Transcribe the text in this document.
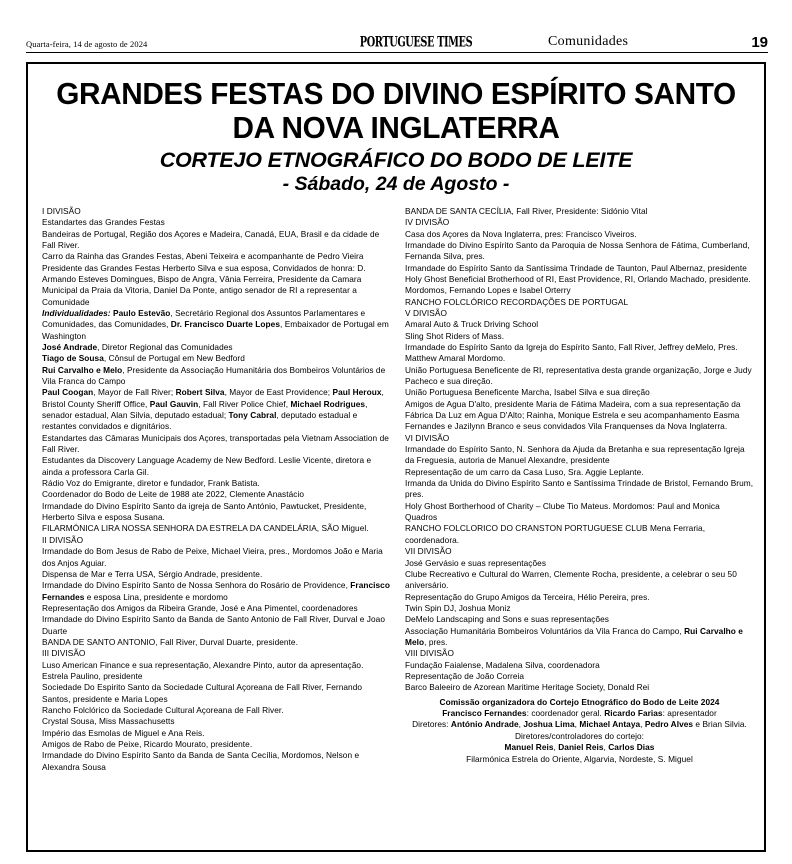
Quarta-feira, 14 de agosto de 2024	PORTUGUESE TIMES	Comunidades	19
GRANDES FESTAS DO DIVINO ESPÍRITO SANTO
DA NOVA INGLATERRA
CORTEJO ETNOGRÁFICO DO BODO DE LEITE
- Sábado, 24 de Agosto -

I DIVISÃO

Estandartes das Grandes Festas

Bandeiras de Portugal, Região dos Açores e Madeira, Canadá, EUA, Brasil e da cidade de Fall River.

Carro da Rainha das Grandes Festas, Abeni Teixeira e acompanhante de Pedro Vieira

Presidente das Grandes Festas Herberto Silva e sua esposa, Convidados de honra: D. Armando Esteves Domingues, Bispo de Angra, Vânia Ferreira, Presidente da Camara Municipal da Praia da Vitoria, Daniel Da Ponte, antigo senador de RI a representar a Comunidade

Individualidades: Paulo Estevão, Secretário Regional dos Assuntos Parlamentares e Comunidades, das Comunidades, Dr. Francisco Duarte Lopes, Embaixador de Portugal em Washington

José Andrade, Diretor Regional das Comunidades

Tiago de Sousa, Cônsul de Portugal em New Bedford

Rui Carvalho e Melo, Presidente da Associação Humanitária dos Bombeiros Voluntários de Vila Franca do Campo

Paul Coogan, Mayor de Fall River; Robert Silva, Mayor de East Providence; Paul Heroux, Bristol County Sheriff Office, Paul Gauvin, Fall River Police Chief, Michael Rodrigues, senador estadual, Alan Silvia, deputado estadual; Tony Cabral, deputado estadual e restantes convidados e dignitários.

Estandartes das Câmaras Municipais dos Açores, transportadas pela Vietnam Association de Fall River.

Estudantes da Discovery Language Academy de New Bedford. Leslie Vicente, diretora e ainda a professora Carla Gil.

Rádio Voz do Emigrante, diretor e fundador, Frank Batista.

Coordenador do Bodo de Leite de 1988 ate 2022, Clemente Anastácio

Irmandade do Divino Espírito Santo da igreja de Santo António, Pawtucket, Presidente, Herberto Silva e esposa Susana.

FILARMÓNICA LIRA NOSSA SENHORA DA ESTRELA DA CANDELÁRIA, SÃO Miguel.

II DIVISÃO

Irmandade do Bom Jesus de Rabo de Peixe, Michael Vieira, pres., Mordomos João e Maria dos Anjos Aguiar.

Dispensa de Mar e Terra USA, Sérgio Andrade, presidente.

Irmandade do Divino Espírito Santo de Nossa Senhora do Rosário de Providence, Francisco Fernandes e esposa Lina, presidente e mordomo

Representação dos Amigos da Ribeira Grande, José e Ana Pimentel, coordenadores

Irmandade do Divino Espírito Santo da Banda de Santo Antonio de Fall River, Durval e Joao Duarte

BANDA DE SANTO ANTONIO, Fall River, Durval Duarte, presidente.

III DIVISÃO

Luso American Finance e sua representação, Alexandre Pinto, autor da apresentação. Estrela Paulino, presidente

Sociedade Do Espirito Santo da Sociedade Cultural Açoreana de Fall River, Fernando Santos, presidente e Maria Lopes

Rancho Folclórico da Sociedade Cultural Açoreana de Fall River.

Crystal Sousa, Miss Massachusetts

Império das Esmolas de Miguel e Ana Reis.

Amigos de Rabo de Peixe, Ricardo Mourato, presidente.

Irmandade do Divino Espírito Santo da Banda de Santa Cecília, Mordomos, Nelson e Alexandra Sousa

BANDA DE SANTA CECÍLIA, Fall River, Presidente: Sidónio Vital

IV DIVISÃO

Casa dos Açores da Nova Inglaterra, pres: Francisco Viveiros.

Irmandade do Divino Espírito Santo da Paroquia de Nossa Senhora de Fátima, Cumberland, Fernanda Silva, pres.

Irmandade do Espírito Santo da Santíssima Trindade de Taunton, Paul Albernaz, presidente

Holy Ghost Beneficial Brotherhood of RI, East Providence, RI, Orlando Machado, presidente. Mordomos, Fernando Lopes e Isabel Orterry

RANCHO FOLCLÓRICO RECORDAÇÕES DE PORTUGAL

V DIVISÃO

Amaral Auto & Truck Driving School

Sling Shot Riders of Mass.

Irmandade do Espírito Santo da Igreja do Espírito Santo, Fall River, Jeffrey deMelo, Pres. Matthew Amaral Mordomo.

União Portuguesa Beneficente de RI, representativa desta grande organização, Jorge e Judy Pacheco e sua direção.

União Portuguesa Beneficente Marcha, Isabel Silva e sua direção

Amigos de Agua D'alto, presidente Maria de Fátima Madeira, com a sua representação da Fábrica Da Luz em Agua D'Alto; Rainha, Monique Estrela e seu acompanhamento Easma Fernandes e Jazilynn Branco e seus convidados Vila Franquenses da Nova Inglaterra.

VI DIVISÃO

Irmandade do Espírito Santo, N. Senhora da Ajuda da Bretanha e sua representação Igreja da Freguesia, autoria de Manuel Alexandre, presidente

Representação de um carro da Casa Luso, Sra. Aggie Leplante.

Irmanda da Unida do Divino Espírito Santo e Santíssima Trindade de Bristol, Fernando Brum, pres.

Holy Ghost Bortherhood of Charity – Clube Tio Mateus. Mordomos: Paul and Monica Quadros

RANCHO FOLCLORICO DO CRANSTON PORTUGUESE CLUB Mena Ferraria, coordenadora.

VII DIVISÃO

José Gervásio e suas representações

Clube Recreativo e Cultural do Warren, Clemente Rocha, presidente, a celebrar o seu 50 aniversário.

Representação do Grupo Amigos da Terceira, Hélio Pereira, pres.

Twin Spin DJ, Joshua Moniz

DeMelo Landscaping and Sons e suas representações

Associação Humanitária Bombeiros Voluntários da Vila Franca do Campo, Rui Carvalho e Melo, pres.

VIII DIVISÃO

Fundação Faialense, Madalena Silva, coordenadora

Representação de João Correia

Barco Baleeiro de Azorean Maritime Heritage Society, Donald Rei

Comissão organizadora do Cortejo Etnográfico do Bodo de Leite 2024

Francisco Fernandes: coordenador geral. Ricardo Farias: apresentador

Diretores: António Andrade, Joshua Lima, Michael Antaya, Pedro Alves e Brian Silvia.

Diretores/controladores do cortejo:

Manuel Reis, Daniel Reis, Carlos Dias

Filarmónica Estrela do Oriente, Algarvia, Nordeste, S. Miguel
